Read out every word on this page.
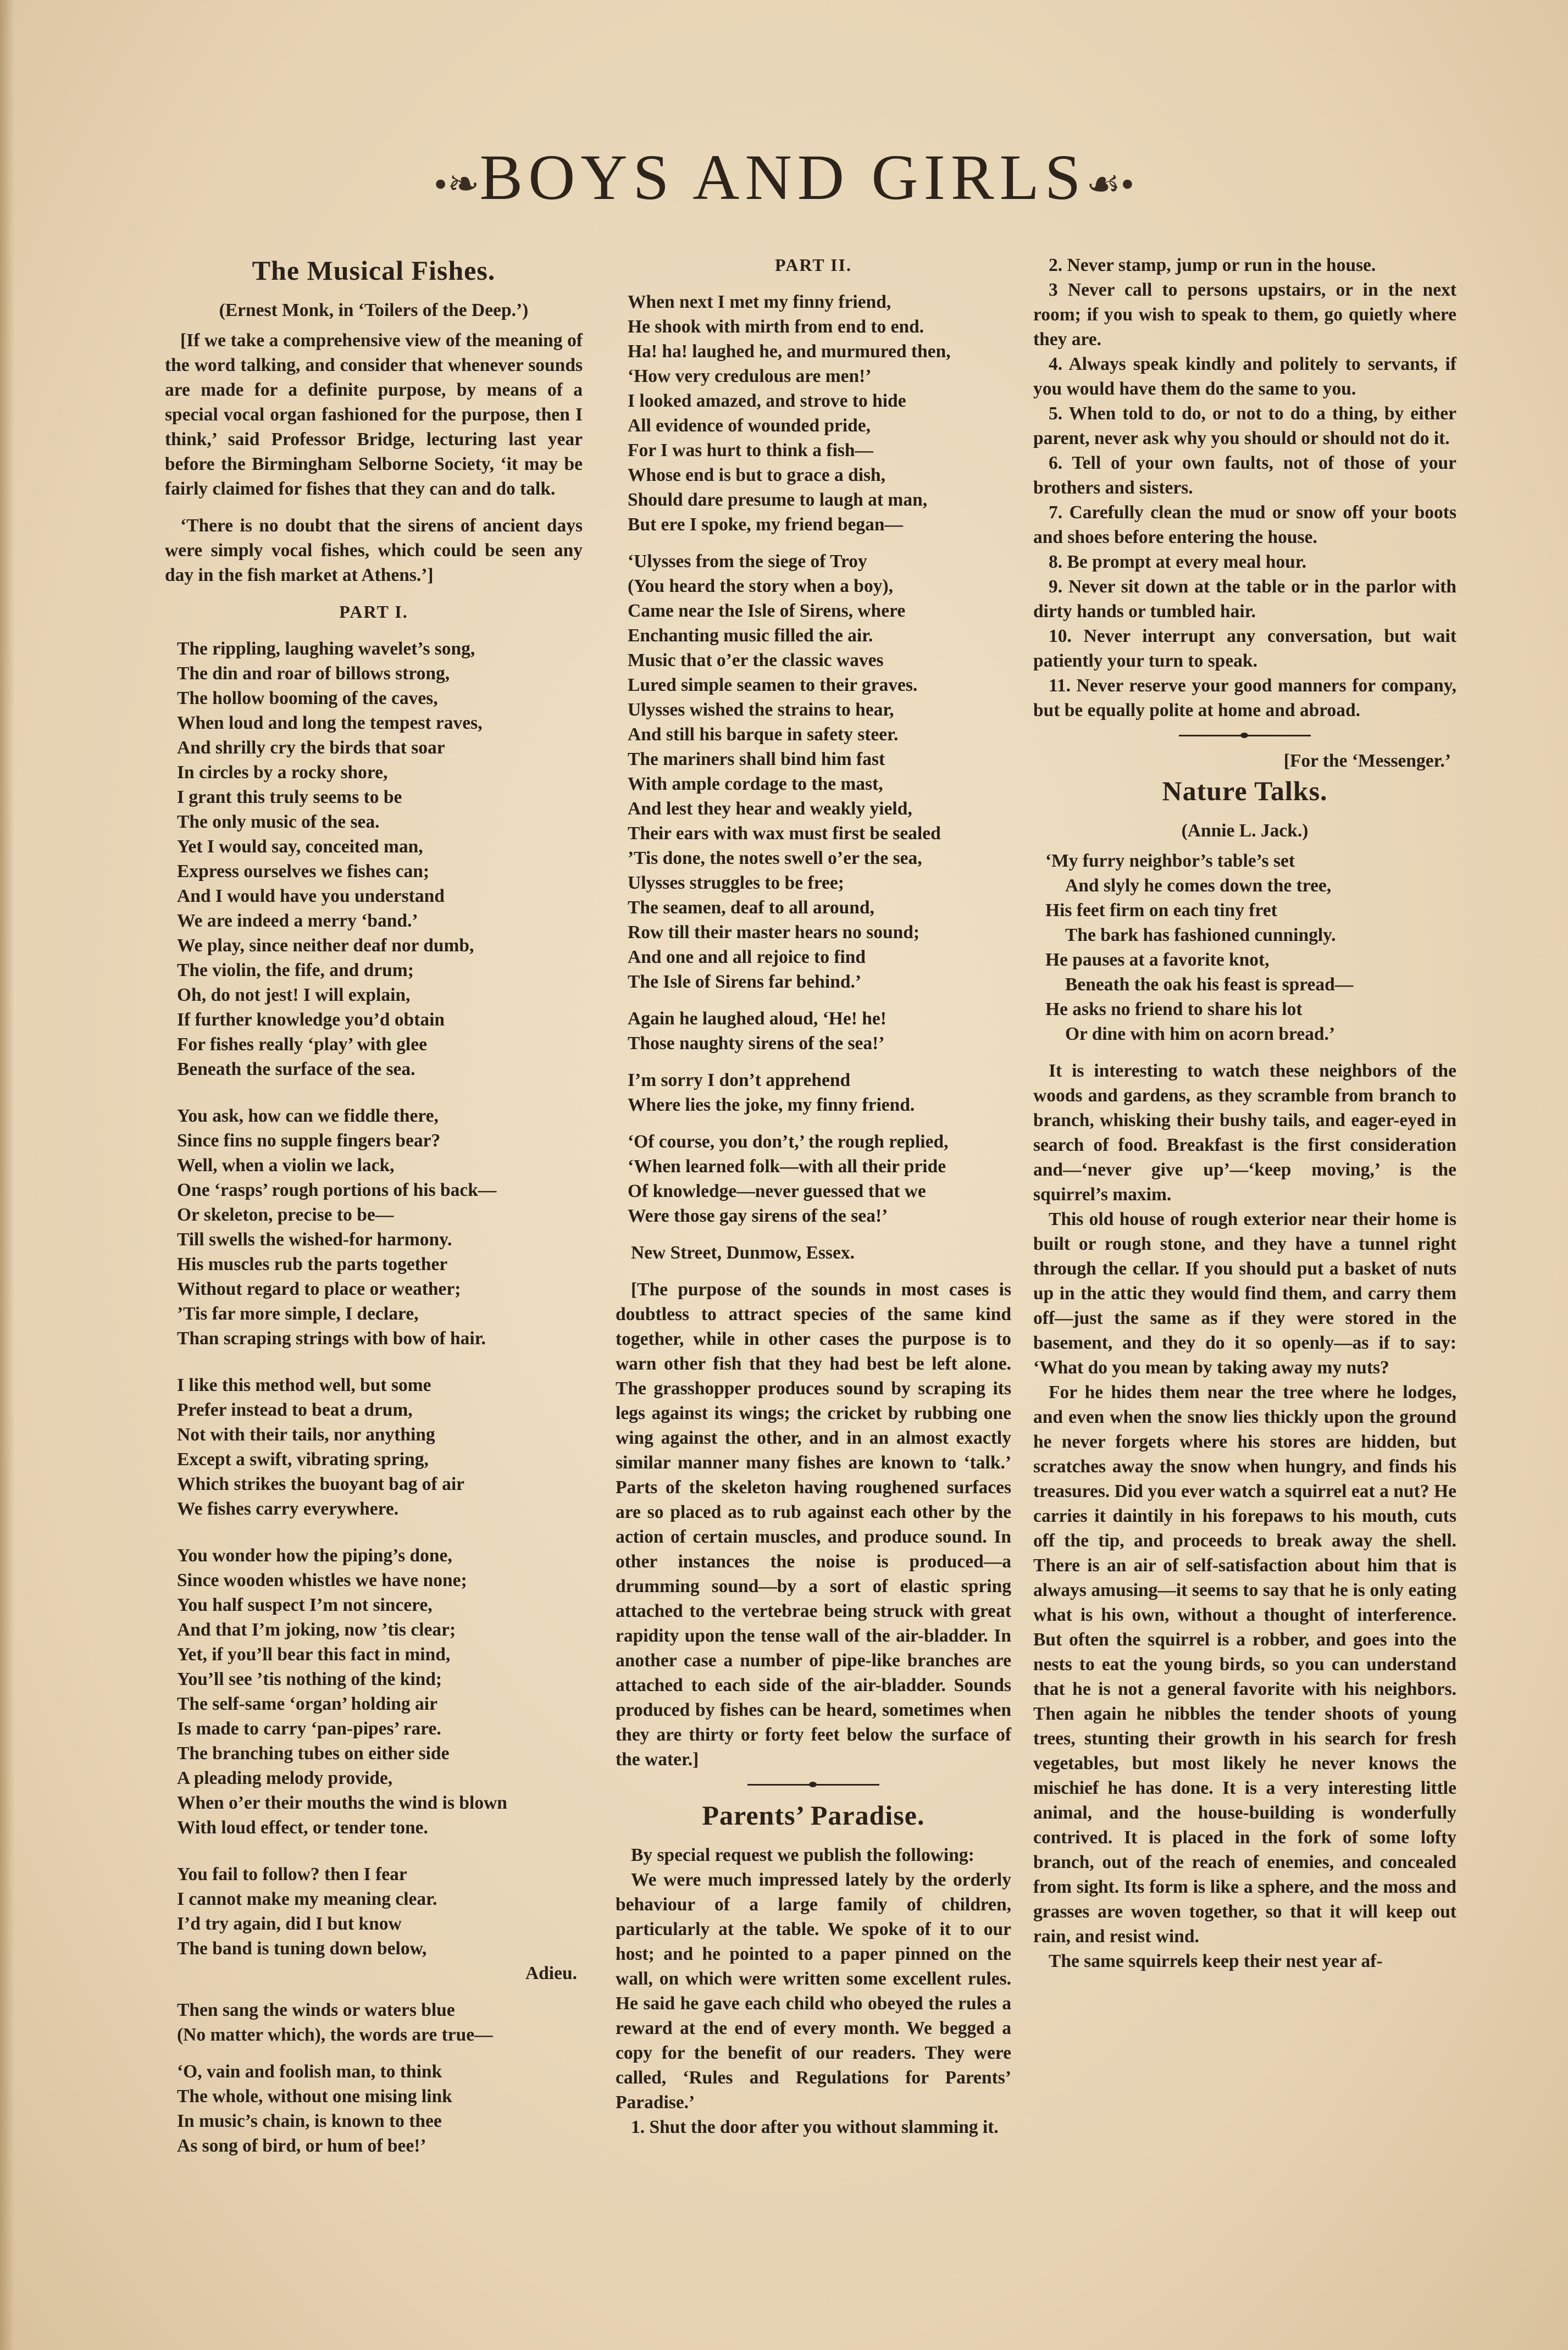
•❧BOYS AND GIRLS☙•
The Musical Fishes.

(Ernest Monk, in ‘Toilers of the Deep.’)

[If we take a comprehensive view of the meaning of the word talking, and consider that whenever sounds are made for a definite purpose, by means of a special vocal organ fashioned for the purpose, then I think,’ said Professor Bridge, lecturing last year before the Birmingham Selborne Society, ‘it may be fairly claimed for fishes that they can and do talk.

‘There is no doubt that the sirens of ancient days were simply vocal fishes, which could be seen any day in the fish market at Athens.’]

PART I.

The rippling, laughing wavelet’s song,
The din and roar of billows strong,
The hollow booming of the caves,
When loud and long the tempest raves,
And shrilly cry the birds that soar
In circles by a rocky shore,
I grant this truly seems to be
The only music of the sea.
Yet I would say, conceited man,
Express ourselves we fishes can;
And I would have you understand
We are indeed a merry ‘band.’
We play, since neither deaf nor dumb,
The violin, the fife, and drum;
Oh, do not jest! I will explain,
If further knowledge you’d obtain
For fishes really ‘play’ with glee
Beneath the surface of the sea.
You ask, how can we fiddle there,
Since fins no supple fingers bear?
Well, when a violin we lack,
One ‘rasps’ rough portions of his back—
Or skeleton, precise to be—
Till swells the wished-for harmony.
His muscles rub the parts together
Without regard to place or weather;
’Tis far more simple, I declare,
Than scraping strings with bow of hair.
I like this method well, but some
Prefer instead to beat a drum,
Not with their tails, nor anything
Except a swift, vibrating spring,
Which strikes the buoyant bag of air
We fishes carry everywhere.
You wonder how the piping’s done,
Since wooden whistles we have none;
You half suspect I’m not sincere,
And that I’m joking, now ’tis clear;
Yet, if you’ll bear this fact in mind,
You’ll see ’tis nothing of the kind;
The self-same ‘organ’ holding air
Is made to carry ‘pan-pipes’ rare.
The branching tubes on either side
A pleading melody provide,
When o’er their mouths the wind is blown
With loud effect, or tender tone.
You fail to follow? then I fear
I cannot make my meaning clear.
I’d try again, did I but know
The band is tuning down below,

Adieu.

Then sang the winds or waters blue
(No matter which), the words are true—
‘O, vain and foolish man, to think
The whole, without one mising link
In music’s chain, is known to thee
As song of bird, or hum of bee!’

PART II.

When next I met my finny friend,
He shook with mirth from end to end.
Ha! ha! laughed he, and murmured then,
‘How very credulous are men!’
I looked amazed, and strove to hide
All evidence of wounded pride,
For I was hurt to think a fish—
Whose end is but to grace a dish,
Should dare presume to laugh at man,
But ere I spoke, my friend began—
‘Ulysses from the siege of Troy
(You heard the story when a boy),
Came near the Isle of Sirens, where
Enchanting music filled the air.
Music that o’er the classic waves
Lured simple seamen to their graves.
Ulysses wished the strains to hear,
And still his barque in safety steer.
The mariners shall bind him fast
With ample cordage to the mast,
And lest they hear and weakly yield,
Their ears with wax must first be sealed
’Tis done, the notes swell o’er the sea,
Ulysses struggles to be free;
The seamen, deaf to all around,
Row till their master hears no sound;
And one and all rejoice to find
The Isle of Sirens far behind.’
Again he laughed aloud, ‘He! he!
Those naughty sirens of the sea!’
I’m sorry I don’t apprehend
Where lies the joke, my finny friend.
‘Of course, you don’t,’ the rough replied,
‘When learned folk—with all their pride
Of knowledge—never guessed that we
Were those gay sirens of the sea!’

New Street, Dunmow, Essex.

[The purpose of the sounds in most cases is doubtless to attract species of the same kind together, while in other cases the purpose is to warn other fish that they had best be left alone. The grasshopper produces sound by scraping its legs against its wings; the cricket by rubbing one wing against the other, and in an almost exactly similar manner many fishes are known to ‘talk.’ Parts of the skeleton having roughened surfaces are so placed as to rub against each other by the action of certain muscles, and produce sound. In other instances the noise is produced—a drumming sound—by a sort of elastic spring attached to the vertebrae being struck with great rapidity upon the tense wall of the air-bladder. In another case a number of pipe-like branches are attached to each side of the air-bladder. Sounds produced by fishes can be heard, sometimes when they are thirty or forty feet below the surface of the water.]

Parents’ Paradise.

By special request we publish the following:

We were much impressed lately by the orderly behaviour of a large family of children, particularly at the table. We spoke of it to our host; and he pointed to a paper pinned on the wall, on which were written some excellent rules. He said he gave each child who obeyed the rules a reward at the end of every month. We begged a copy for the benefit of our readers. They were called, ‘Rules and Regulations for Parents’ Paradise.’

1. Shut the door after you without slamming it.

2. Never stamp, jump or run in the house.

3 Never call to persons upstairs, or in the next room; if you wish to speak to them, go quietly where they are.

4. Always speak kindly and politely to servants, if you would have them do the same to you.

5. When told to do, or not to do a thing, by either parent, never ask why you should or should not do it.

6. Tell of your own faults, not of those of your brothers and sisters.

7. Carefully clean the mud or snow off your boots and shoes before entering the house.

8. Be prompt at every meal hour.

9. Never sit down at the table or in the parlor with dirty hands or tumbled hair.

10. Never interrupt any conversation, but wait patiently your turn to speak.

11. Never reserve your good manners for company, but be equally polite at home and abroad.

[For the ‘Messenger.’

Nature Talks.

(Annie L. Jack.)

‘My furry neighbor’s table’s set
And slyly he comes down the tree,
His feet firm on each tiny fret
The bark has fashioned cunningly.
He pauses at a favorite knot,
Beneath the oak his feast is spread—
He asks no friend to share his lot
Or dine with him on acorn bread.’

It is interesting to watch these neighbors of the woods and gardens, as they scramble from branch to branch, whisking their bushy tails, and eager-eyed in search of food. Breakfast is the first consideration and—‘never give up’—‘keep moving,’ is the squirrel’s maxim.

This old house of rough exterior near their home is built or rough stone, and they have a tunnel right through the cellar. If you should put a basket of nuts up in the attic they would find them, and carry them off—just the same as if they were stored in the basement, and they do it so openly—as if to say: ‘What do you mean by taking away my nuts?

For he hides them near the tree where he lodges, and even when the snow lies thickly upon the ground he never forgets where his stores are hidden, but scratches away the snow when hungry, and finds his treasures. Did you ever watch a squirrel eat a nut? He carries it daintily in his forepaws to his mouth, cuts off the tip, and proceeds to break away the shell. There is an air of self-satisfaction about him that is always amusing—it seems to say that he is only eating what is his own, without a thought of interference. But often the squirrel is a robber, and goes into the nests to eat the young birds, so you can understand that he is not a general favorite with his neighbors. Then again he nibbles the tender shoots of young trees, stunting their growth in his search for fresh vegetables, but most likely he never knows the mischief he has done. It is a very interesting little animal, and the house-building is wonderfully contrived. It is placed in the fork of some lofty branch, out of the reach of enemies, and concealed from sight. Its form is like a sphere, and the moss and grasses are woven together, so that it will keep out rain, and resist wind.

The same squirrels keep their nest year af-
